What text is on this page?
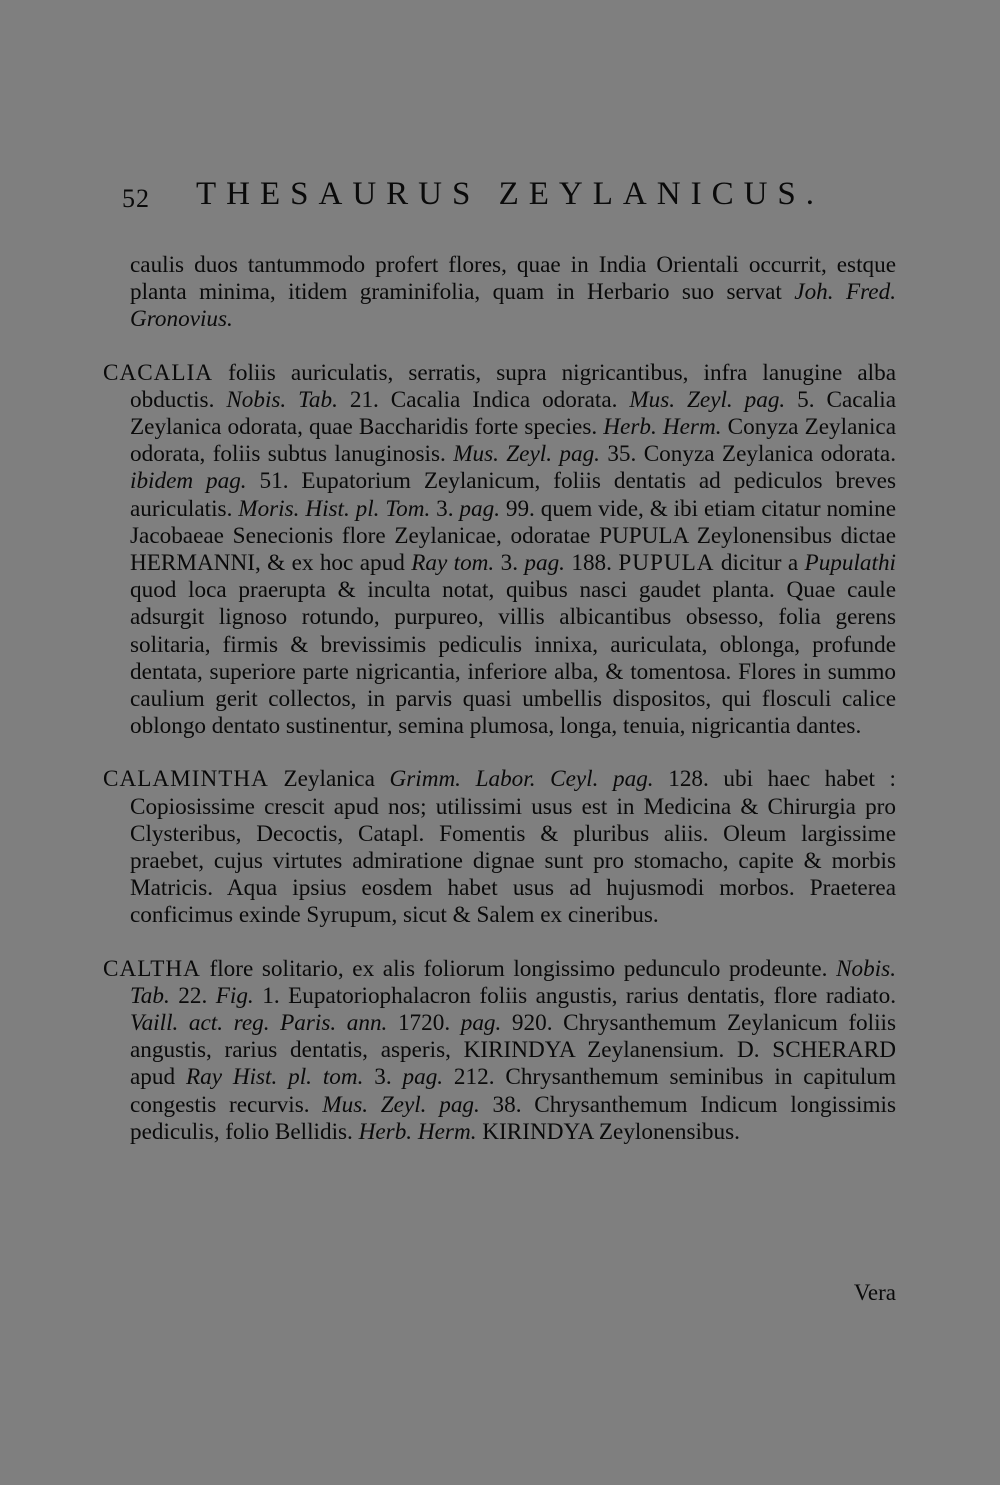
52 THESAURUS ZEYLANICUS.

caulis duos tantummodo profert flores, quae in India Orientali occurrit, estque planta minima, itidem graminifolia, quam in Herbario suo servat Joh. Fred. Gronovius.

CACALIA foliis auriculatis, serratis, supra nigricantibus, infra lanugine alba obductis. Nobis. Tab. 21. Cacalia Indica odorata. Mus. Zeyl. pag. 5. Cacalia Zeylanica odorata, quae Baccharidis forte species. Herb. Herm. Conyza Zeylanica odorata, foliis subtus lanuginosis. Mus. Zeyl. pag. 35. Conyza Zeylanica odorata. ibidem pag. 51. Eupatorium Zeylanicum, foliis dentatis ad pediculos breves auriculatis. Moris. Hist. pl. Tom. 3. pag. 99. quem vide, & ibi etiam citatur nomine Jacobaeae Senecionis flore Zeylanicae, odoratae PUPULA Zeylonensibus dictae HERMANNI, & ex hoc apud Ray tom. 3. pag. 188. PUPULA dicitur a Pupulathi quod loca praerupta & inculta notat, quibus nasci gaudet planta. Quae caule adsurgit lignoso rotundo, purpureo, villis albicantibus obsesso, folia gerens solitaria, firmis & brevissimis pediculis innixa, auriculata, oblonga, profunde dentata, superiore parte nigricantia, inferiore alba, & tomentosa. Flores in summo caulium gerit collectos, in parvis quasi umbellis dispositos, qui flosculi calice oblongo dentato sustinentur, semina plumosa, longa, tenuia, nigricantia dantes.

CALAMINTHA Zeylanica Grimm. Labor. Ceyl. pag. 128. ubi haec habet : Copiosissime crescit apud nos; utilissimi usus est in Medicina & Chirurgia pro Clysteribus, Decoctis, Catapl. Fomentis & pluribus aliis. Oleum largissime praebet, cujus virtutes admiratione dignae sunt pro stomacho, capite & morbis Matricis. Aqua ipsius eosdem habet usus ad hujusmodi morbos. Praeterea conficimus exinde Syrupum, sicut & Salem ex cineribus.

CALTHA flore solitario, ex alis foliorum longissimo pedunculo prodeunte. Nobis. Tab. 22. Fig. 1. Eupatoriophalacron foliis angustis, rarius dentatis, flore radiato. Vaill. act. reg. Paris. ann. 1720. pag. 920. Chrysanthemum Zeylanicum foliis angustis, rarius dentatis, asperis, KIRINDYA Zeylanensium. D. SCHERARD apud Ray Hist. pl. tom. 3. pag. 212. Chrysanthemum seminibus in capitulum congestis recurvis. Mus. Zeyl. pag. 38. Chrysanthemum Indicum longissimis pediculis, folio Bellidis. Herb. Herm. KIRINDYA Zeylonensibus.

Vera
